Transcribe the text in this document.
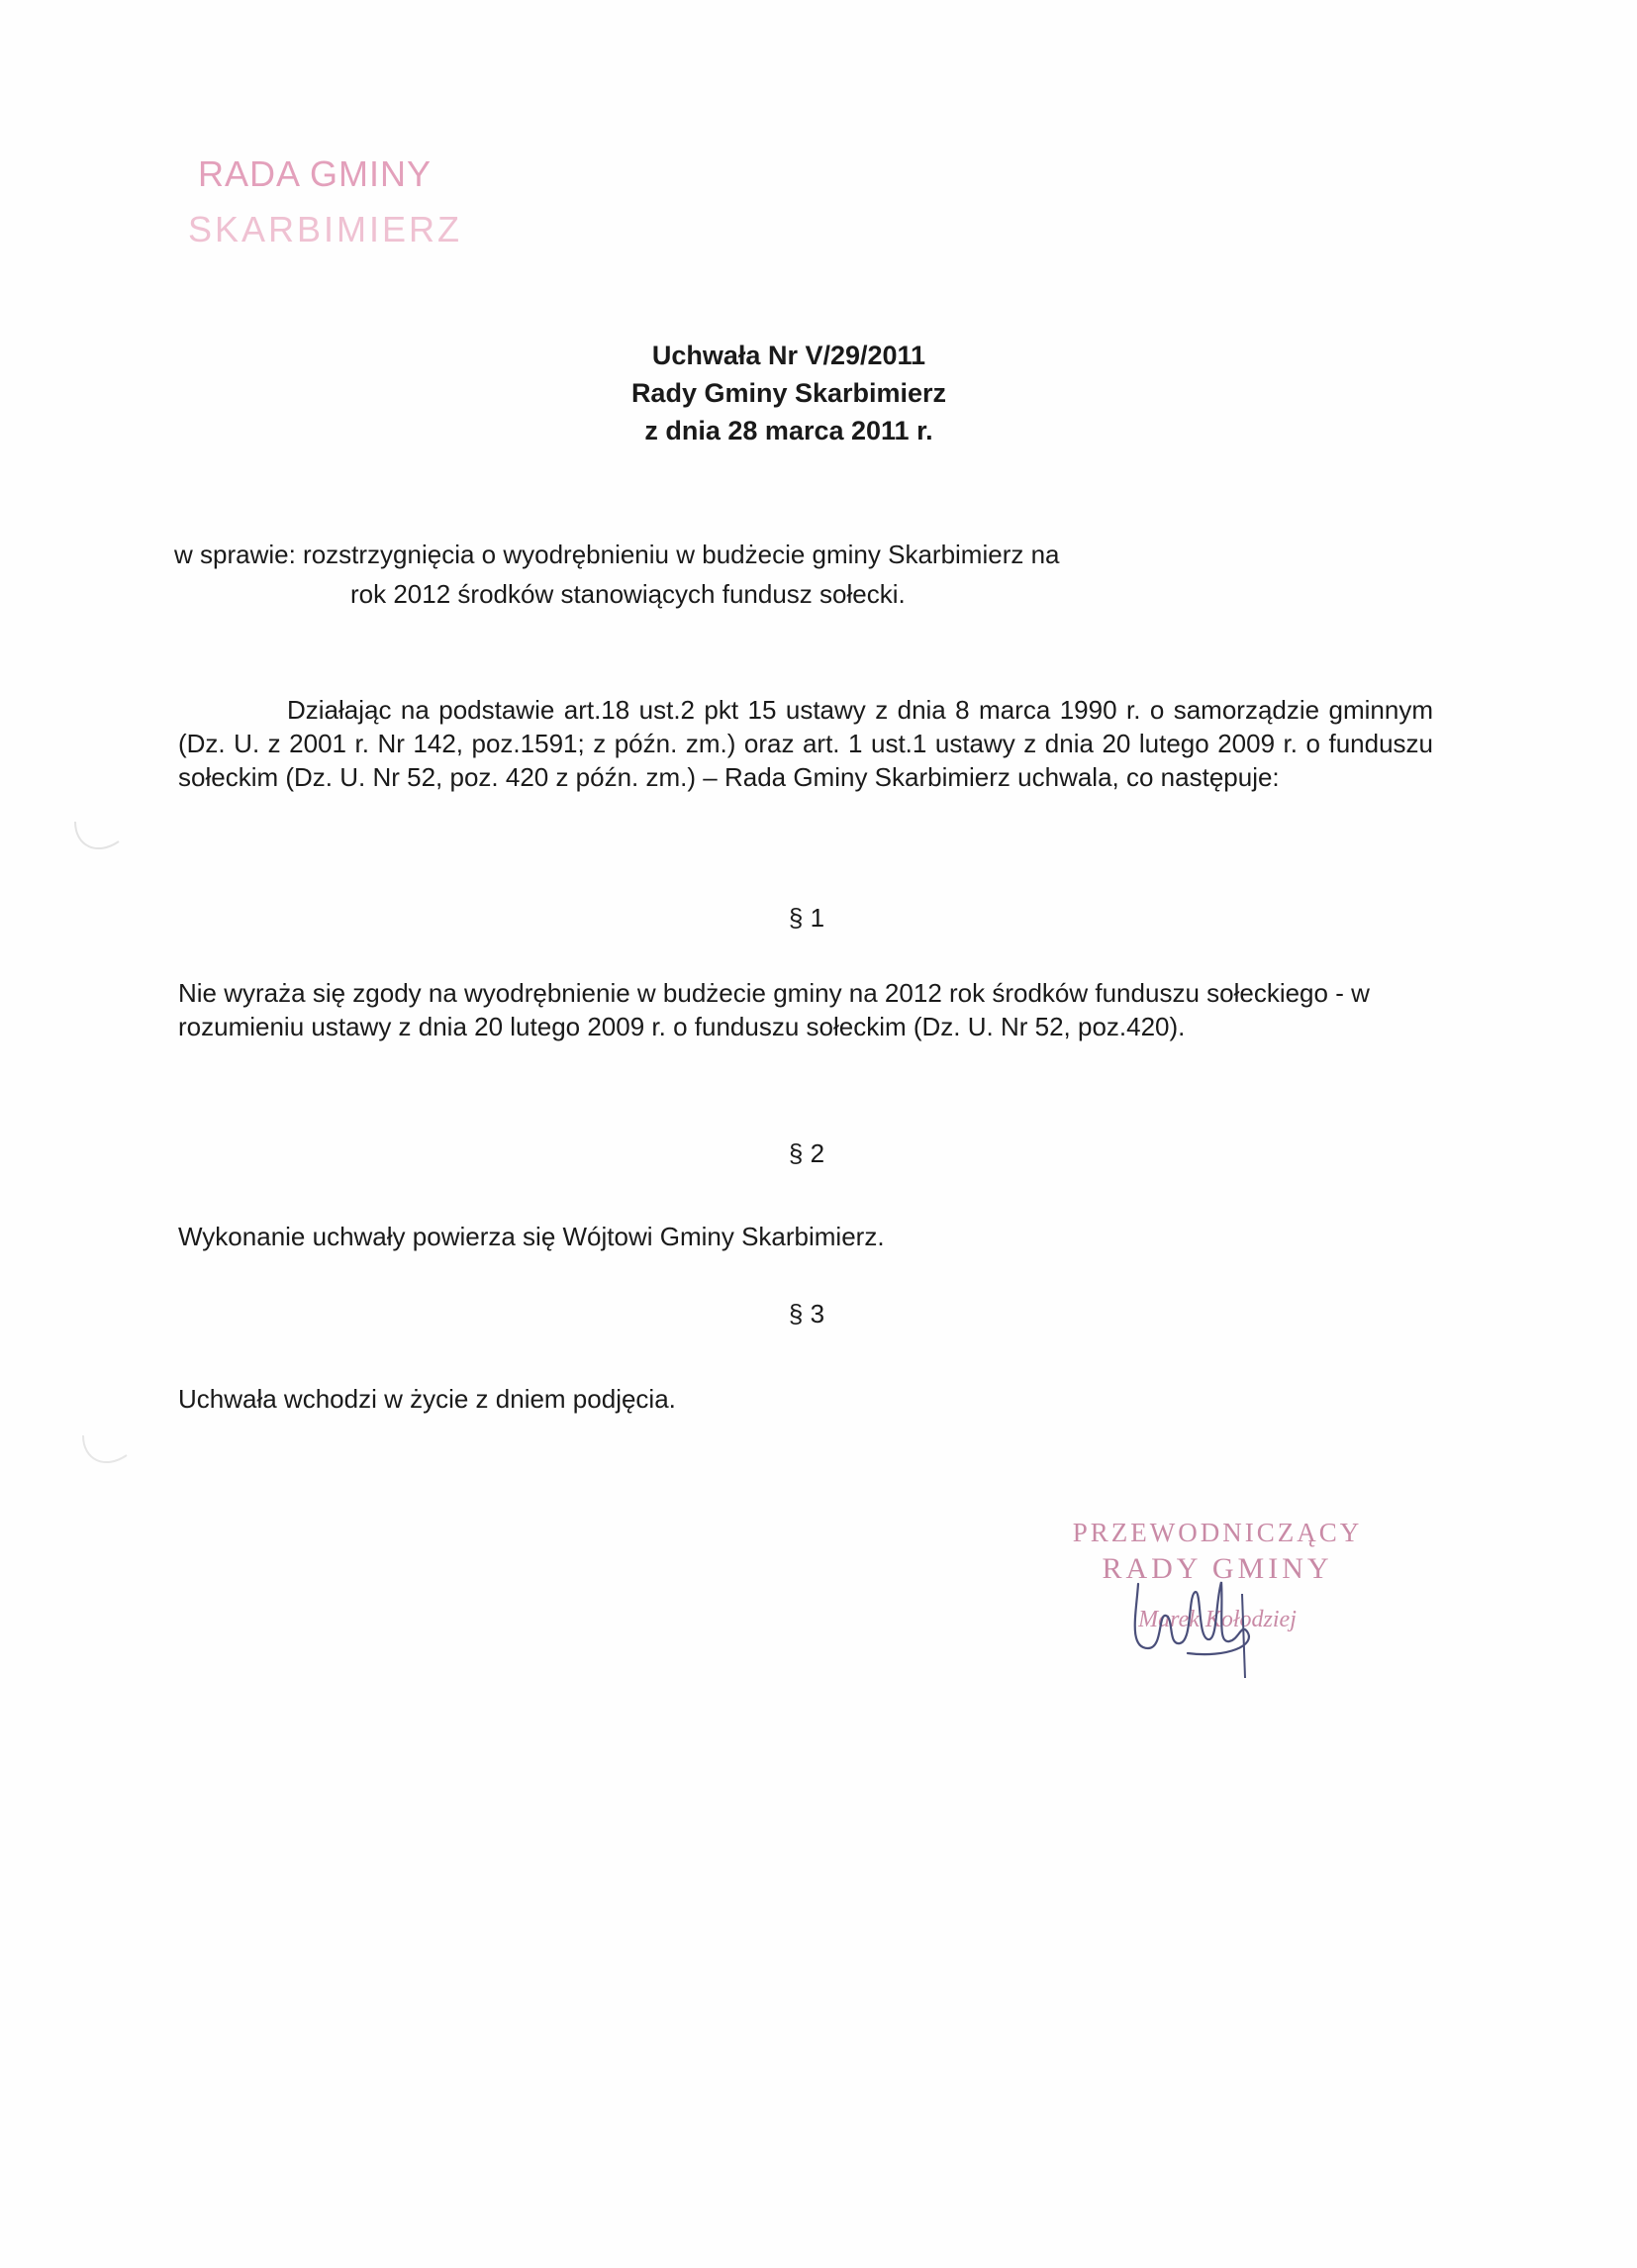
RADA GMINY
SKARBIMIERZ
Uchwała Nr V/29/2011
Rady Gminy Skarbimierz
z dnia 28 marca 2011 r.
w sprawie: rozstrzygnięcia o wyodrębnieniu w budżecie gminy Skarbimierz na
rok 2012 środków stanowiących fundusz sołecki.
Działając na podstawie art.18 ust.2 pkt 15 ustawy z dnia 8 marca 1990 r. o samorządzie gminnym (Dz. U. z 2001 r. Nr 142, poz.1591; z późn. zm.) oraz art. 1 ust.1 ustawy z dnia 20 lutego 2009 r. o funduszu sołeckim (Dz. U. Nr 52, poz. 420 z późn. zm.) – Rada Gminy Skarbimierz uchwala, co następuje:
§ 1
Nie wyraża się zgody na wyodrębnienie w budżecie gminy na 2012 rok środków funduszu sołeckiego - w rozumieniu ustawy z dnia 20 lutego 2009 r. o funduszu sołeckim (Dz. U. Nr 52, poz.420).
§ 2
Wykonanie uchwały powierza się Wójtowi Gminy Skarbimierz.
§ 3
Uchwała wchodzi w życie z dniem podjęcia.
PRZEWODNICZĄCY
RADY GMINY
Marek Kołodziej
